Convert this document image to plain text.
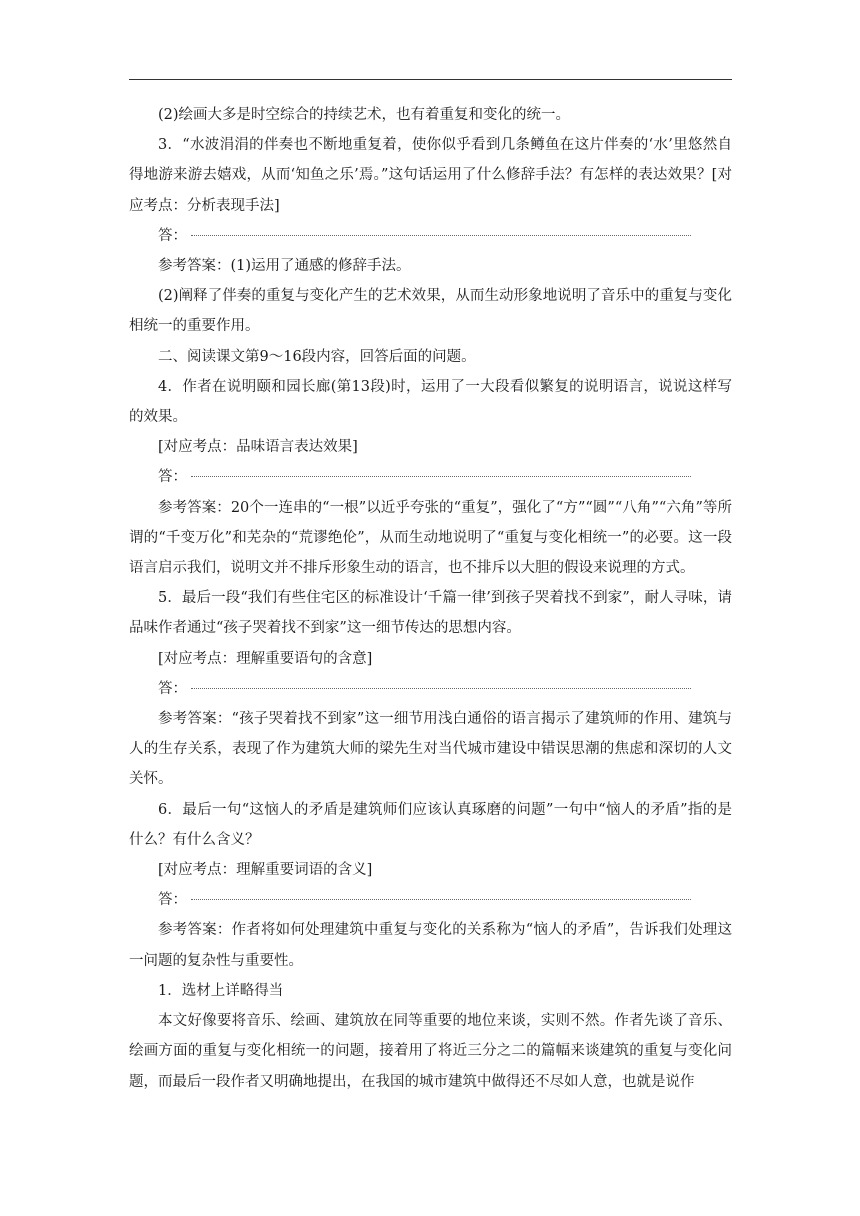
(2)绘画大多是时空综合的持续艺术，也有着重复和变化的统一。

3．“水波涓涓的伴奏也不断地重复着，使你似乎看到几条鳟鱼在这片伴奏的‘水’里悠然自得地游来游去嬉戏，从而‘知鱼之乐’焉。”这句话运用了什么修辞手法？有怎样的表达效果？[对应考点：分析表现手法]

答：

参考答案：(1)运用了通感的修辞手法。

(2)阐释了伴奏的重复与变化产生的艺术效果，从而生动形象地说明了音乐中的重复与变化相统一的重要作用。

二、阅读课文第9～16段内容，回答后面的问题。

4．作者在说明颐和园长廊(第13段)时，运用了一大段看似繁复的说明语言，说说这样写的效果。

[对应考点：品味语言表达效果]

答：

参考答案：20个一连串的“一根”以近乎夸张的“重复”，强化了“方”“圆”“八角”“六角”等所谓的“千变万化”和芜杂的“荒谬绝伦”，从而生动地说明了“重复与变化相统一”的必要。这一段语言启示我们，说明文并不排斥形象生动的语言，也不排斥以大胆的假设来说理的方式。

5．最后一段“我们有些住宅区的标准设计‘千篇一律’到孩子哭着找不到家”，耐人寻味，请品味作者通过“孩子哭着找不到家”这一细节传达的思想内容。

[对应考点：理解重要语句的含意]

答：

参考答案：“孩子哭着找不到家”这一细节用浅白通俗的语言揭示了建筑师的作用、建筑与人的生存关系，表现了作为建筑大师的梁先生对当代城市建设中错误思潮的焦虑和深切的人文关怀。

6．最后一句“这恼人的矛盾是建筑师们应该认真琢磨的问题”一句中“恼人的矛盾”指的是什么？有什么含义？

[对应考点：理解重要词语的含义]

答：

参考答案：作者将如何处理建筑中重复与变化的关系称为“恼人的矛盾”，告诉我们处理这一问题的复杂性与重要性。

1．选材上详略得当

本文好像要将音乐、绘画、建筑放在同等重要的地位来谈，实则不然。作者先谈了音乐、绘画方面的重复与变化相统一的问题，接着用了将近三分之二的篇幅来谈建筑的重复与变化问题，而最后一段作者又明确地提出，在我国的城市建筑中做得还不尽如人意，也就是说作
